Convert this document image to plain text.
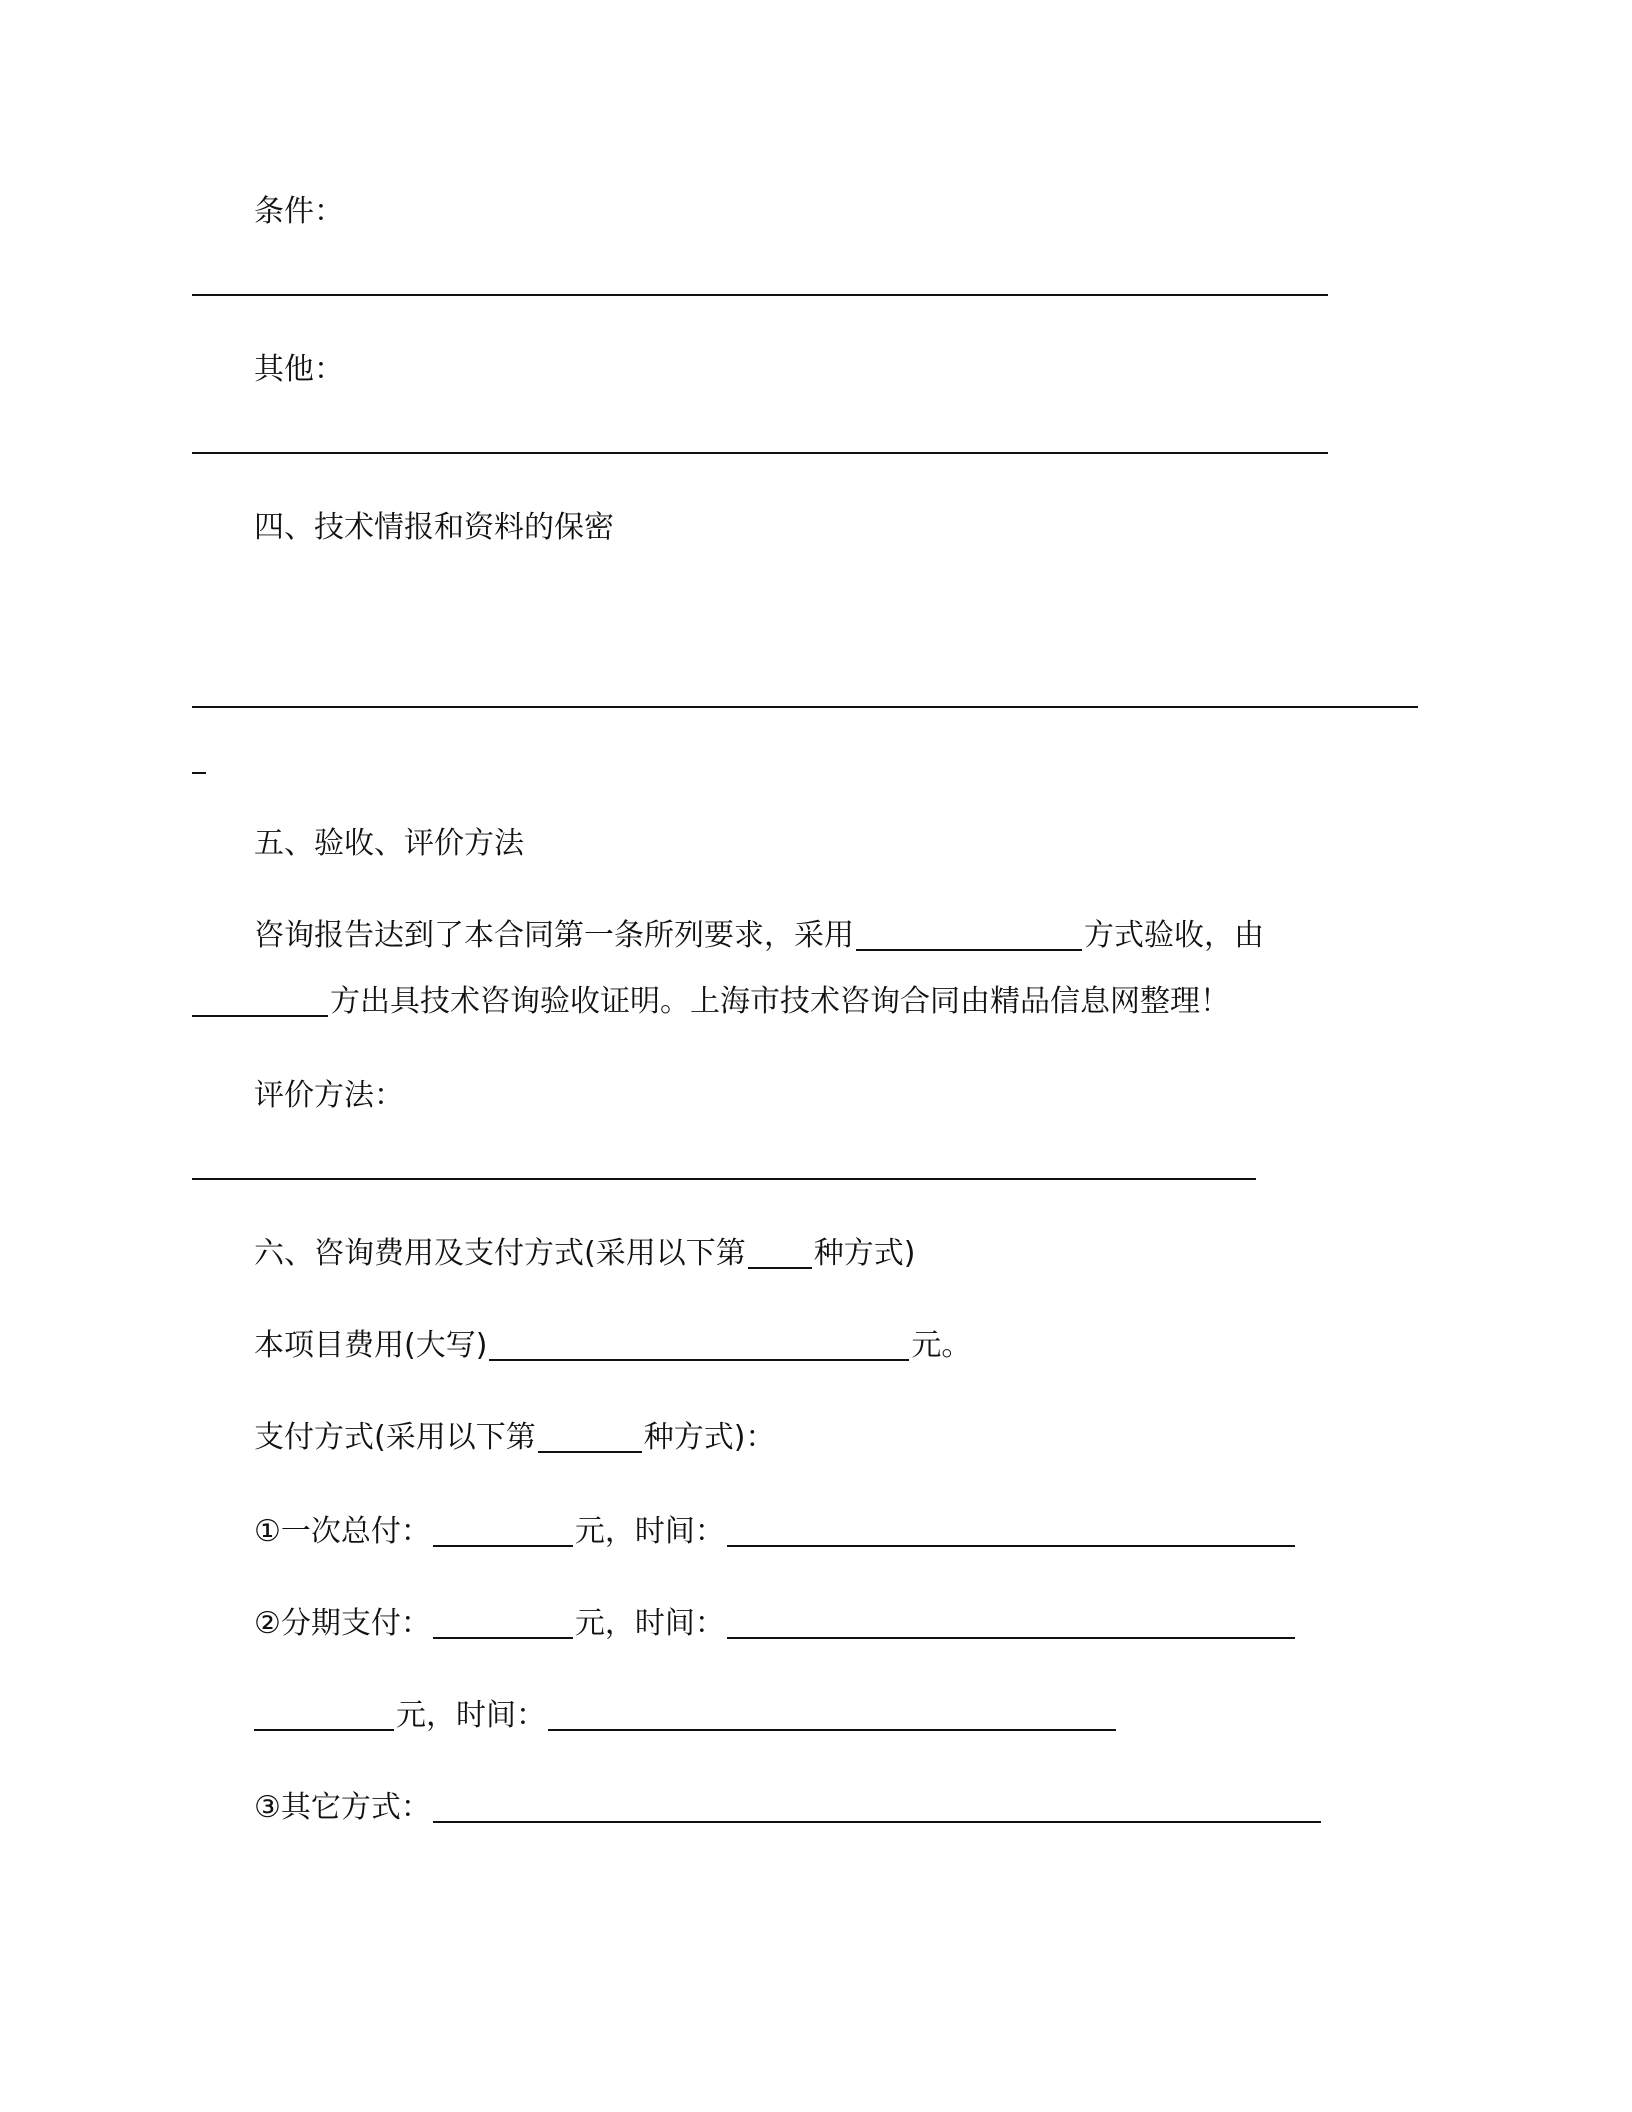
条件：
其他：
四、技术情报和资料的保密
五、验收、评价方法
咨询报告达到了本合同第一条所列要求，采用	方式验收，由
方出具技术咨询验收证明。上海市技术咨询合同由精品信息网整理！
评价方法：
六、咨询费用及支付方式(采用以下第 种方式)
本项目费用(大写)	元。
支付方式(采用以下第	种方式)：
①一次总付：	元，时间：
②分期支付：	元，时间：
元，时间：
③其它方式：
